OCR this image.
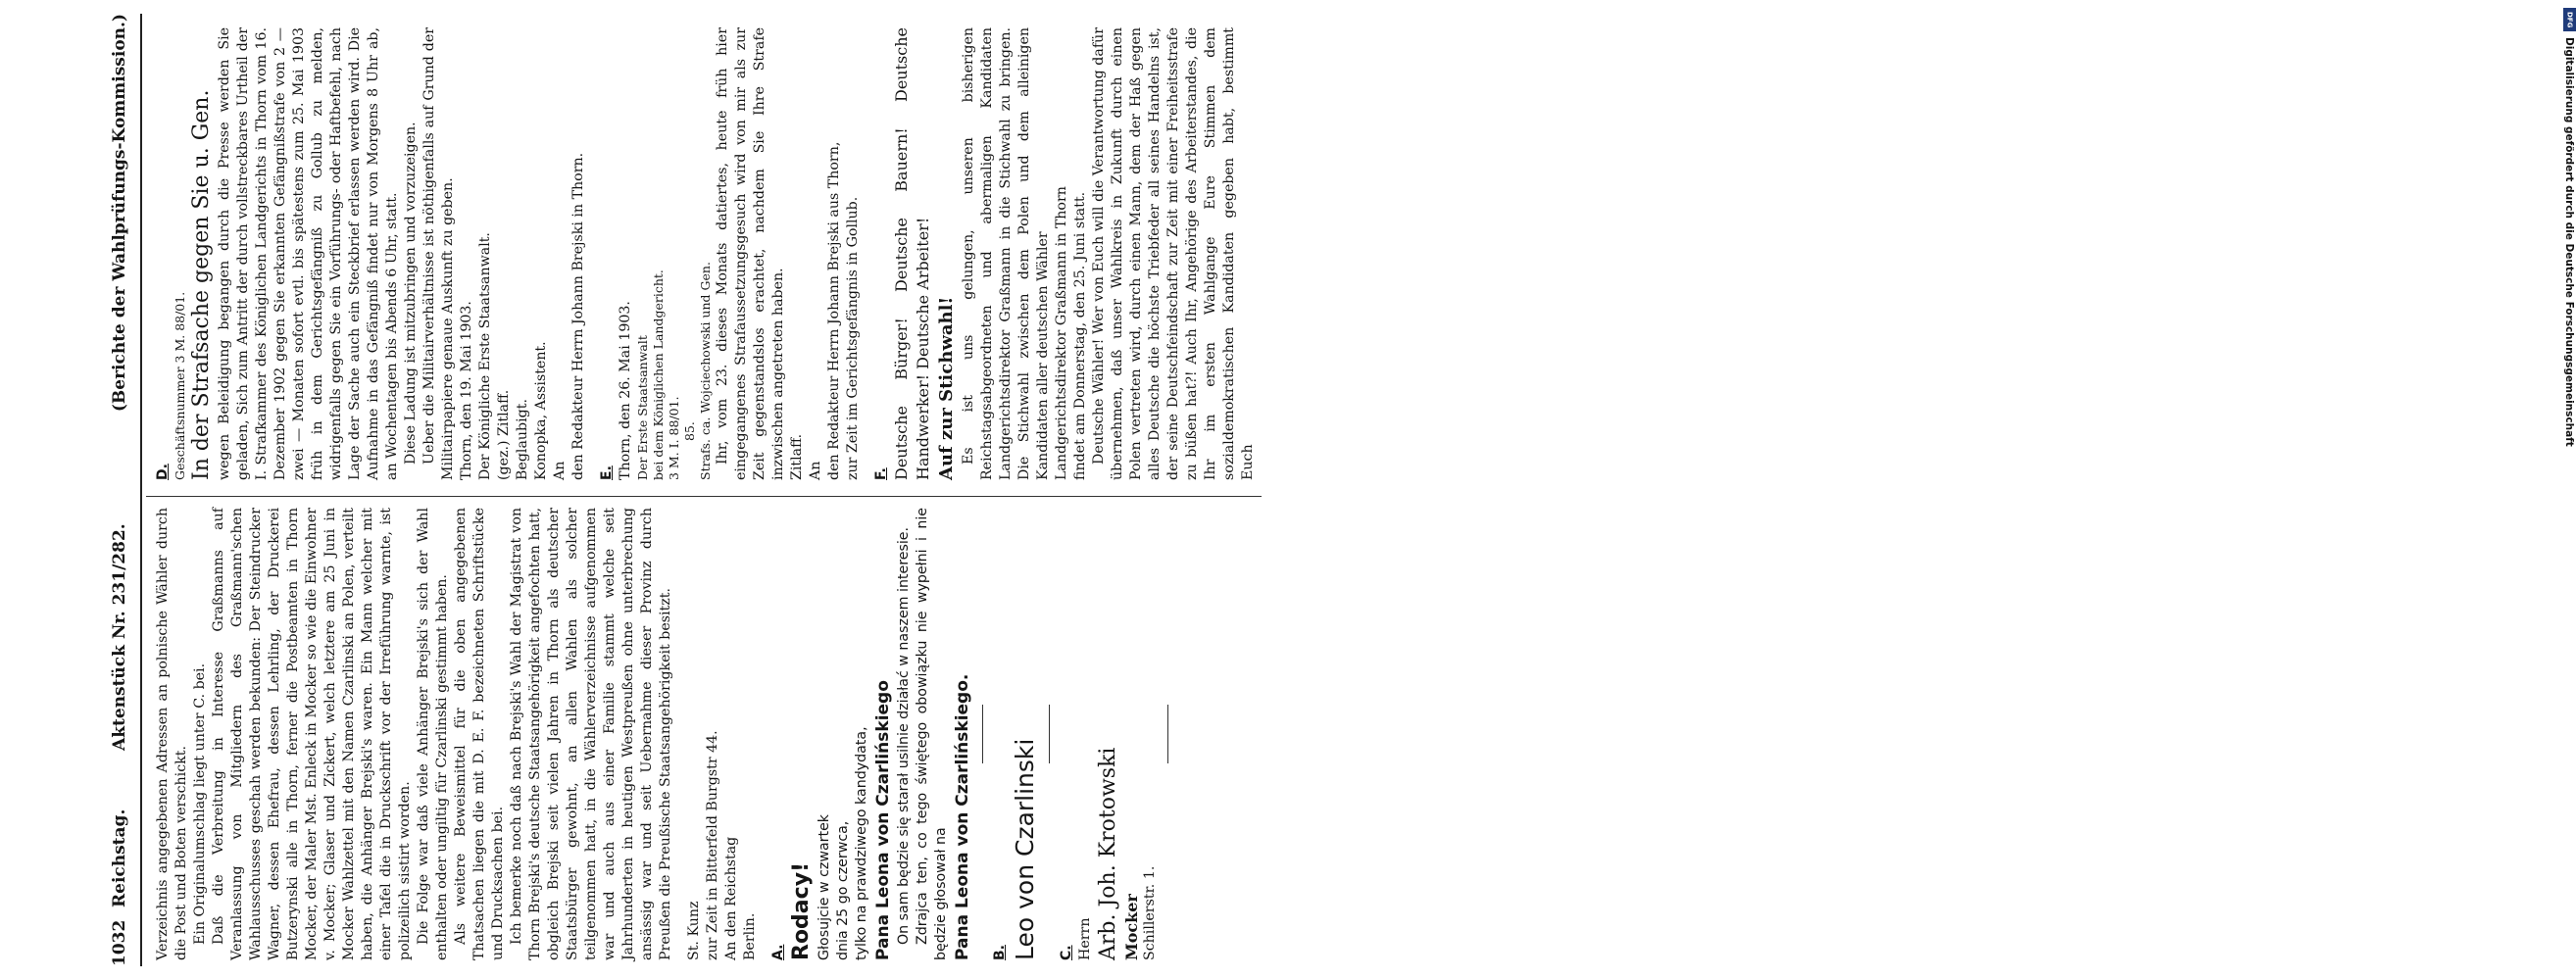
DFG
Digitalisierung gefördert durch die Deutsche Forschungsgemeinschaft
1032
Reichstag.
Aktenstück Nr. 231/282.
(Berichte der Wahlprüfungs-Kommission.)

Verzeichnis angegebenen Adressen an polnische Wähler durch die Post und Boten verschickt. Ein Originalumschlag liegt unter C. bei. Daß die Verbreitung in Interesse Graßmanns auf Veranlassung von Mitgliedern des Graßmann'schen Wahlausschusses geschah werden bekunden: Der Steindrucker Wagner, dessen Ehefrau, dessen Lehrling, der Druckerei Butzerynski alle in Thorn, ferner die Postbeamten in Thorn Mocker, der Maler Mst. Enleck in Mocker so wie die Einwohner v. Mocker; Glaser und Zickert, welch letztere am 25 Juni in Mocker Wahlzettel mit den Namen Czarlinski an Polen, verteilt haben, die Anhänger Brejski's waren. Ein Mann welcher mit einer Tafel die in Druckschrift vor der Irreführung warnte, ist polizeilich sistirt worden. Die Folge war daß viele Anhänger Brejski's sich der Wahl enthalten oder ungiltig für Czarlinski gestimmt haben. Als weitere Beweismittel für die oben angegebenen Thatsachen liegen die mit D. E. F. bezeichneten Schriftstücke und Drucksachen bei. Ich bemerke noch daß nach Brejski's Wahl der Magistrat von Thorn Brejski's deutsche Staatsangehörigkeit angefochten hatt, obgleich Brejski seit vielen Jahren in Thorn als deutscher Staatsbürger gewohnt, an allen Wahlen als solcher teilgenommen hatt, in die Wählerverzeichnisse aufgenommen war und auch aus einer Familie stammt welche seit Jahrhunderten in heutigen Westpreußen ohne unterbrechung ansässig war und seit Uebernahme dieser Provinz durch Preußen die Preußische Staatsangehörigkeit besitzt. St. Kunz zur Zeit in Bitterfeld Burgstr 44. An den Reichstag Berlin. A. Rodacy! Głosujcie w czwartek dnia 25 go czerwca, tylko na prawdziwego kandydata, Pana Leona von Czarlińskiego On sam będzie się starał usilnie działać w naszem interesie. Zdrajca ten, co tego świętego obowiązku nie wypełni i nie będzie głosował na Pana Leona von Czarlińskiego. B. Leo von Czarlinski C. Herrn Arb. Joh. Krotowski Mocker Schillerstr. 1.

D. Geschäftsnummer 3 M. 88/01. In der Strafsache gegen Sie u. Gen. wegen Beleidigung begangen durch die Presse werden Sie geladen, Sich zum Antritt der durch vollstreckbares Urtheil der I. Strafkammer des Königlichen Landgerichts in Thorn vom 16. Dezember 1902 gegen Sie erkannten Gefängnißstrafe von 2 — zwei — Monaten sofort evtl. bis spätestens zum 25. Mai 1903 früh in dem Gerichtsgefängniß zu Gollub zu melden, widrigenfalls gegen Sie ein Vorführungs- oder Haftbefehl, nach Lage der Sache auch ein Steckbrief erlassen werden wird. Die Aufnahme in das Gefängniß findet nur von Morgens 8 Uhr ab, an Wochentagen bis Abends 6 Uhr, statt. Diese Ladung ist mitzubringen und vorzuzeigen. Ueber die Militairverhältnisse ist nöthigenfalls auf Grund der Militairpapiere genaue Auskunft zu geben. Thorn, den 19. Mai 1903. Der Königliche Erste Staatsanwalt. (gez.) Zitlaff. Beglaubigt. Konopka, Assistent. An den Redakteur Herrn Johann Brejski in Thorn. E. Thorn, den 26. Mai 1903. Der Erste Staatsanwalt bei dem Königlichen Landgericht. 3 M. I. 88/01. 85. Strafs. ca. Wojciechowski und Gen. Ihr, vom 23. dieses Monats datiertes, heute früh hier eingegangenes Strafaussetzungsgesuch wird von mir als zur Zeit gegenstandslos erachtet, nachdem Sie Ihre Strafe inzwischen angetreten haben. Zitlaff. An den Redakteur Herrn Johann Brejski aus Thorn, zur Zeit im Gerichtsgefängnis in Gollub. F. Deutsche Bürger! Deutsche Bauern! Deutsche Handwerker! Deutsche Arbeiter! Auf zur Stichwahl! Es ist uns gelungen, unseren bisherigen Reichstagsabgeordneten und abermaligen Kandidaten Landgerichtsdirektor Graßmann in die Stichwahl zu bringen. Die Stichwahl zwischen dem Polen und dem alleinigen Kandidaten aller deutschen Wähler Landgerichtsdirektor Graßmann in Thorn findet am Donnerstag, den 25. Juni statt. Deutsche Wähler! Wer von Euch will die Verantwortung dafür übernehmen, daß unser Wahlkreis in Zukunft durch einen Polen vertreten wird, durch einen Mann, dem der Haß gegen alles Deutsche die höchste Triebfeder all seines Handelns ist, der seine Deutschfeindschaft zur Zeit mit einer Freiheitsstrafe zu büßen hat?! Auch Ihr, Angehörige des Arbeiterstandes, die Ihr im ersten Wahlgange Eure Stimmen dem sozialdemokratischen Kandidaten gegeben habt, bestimmt Euch
